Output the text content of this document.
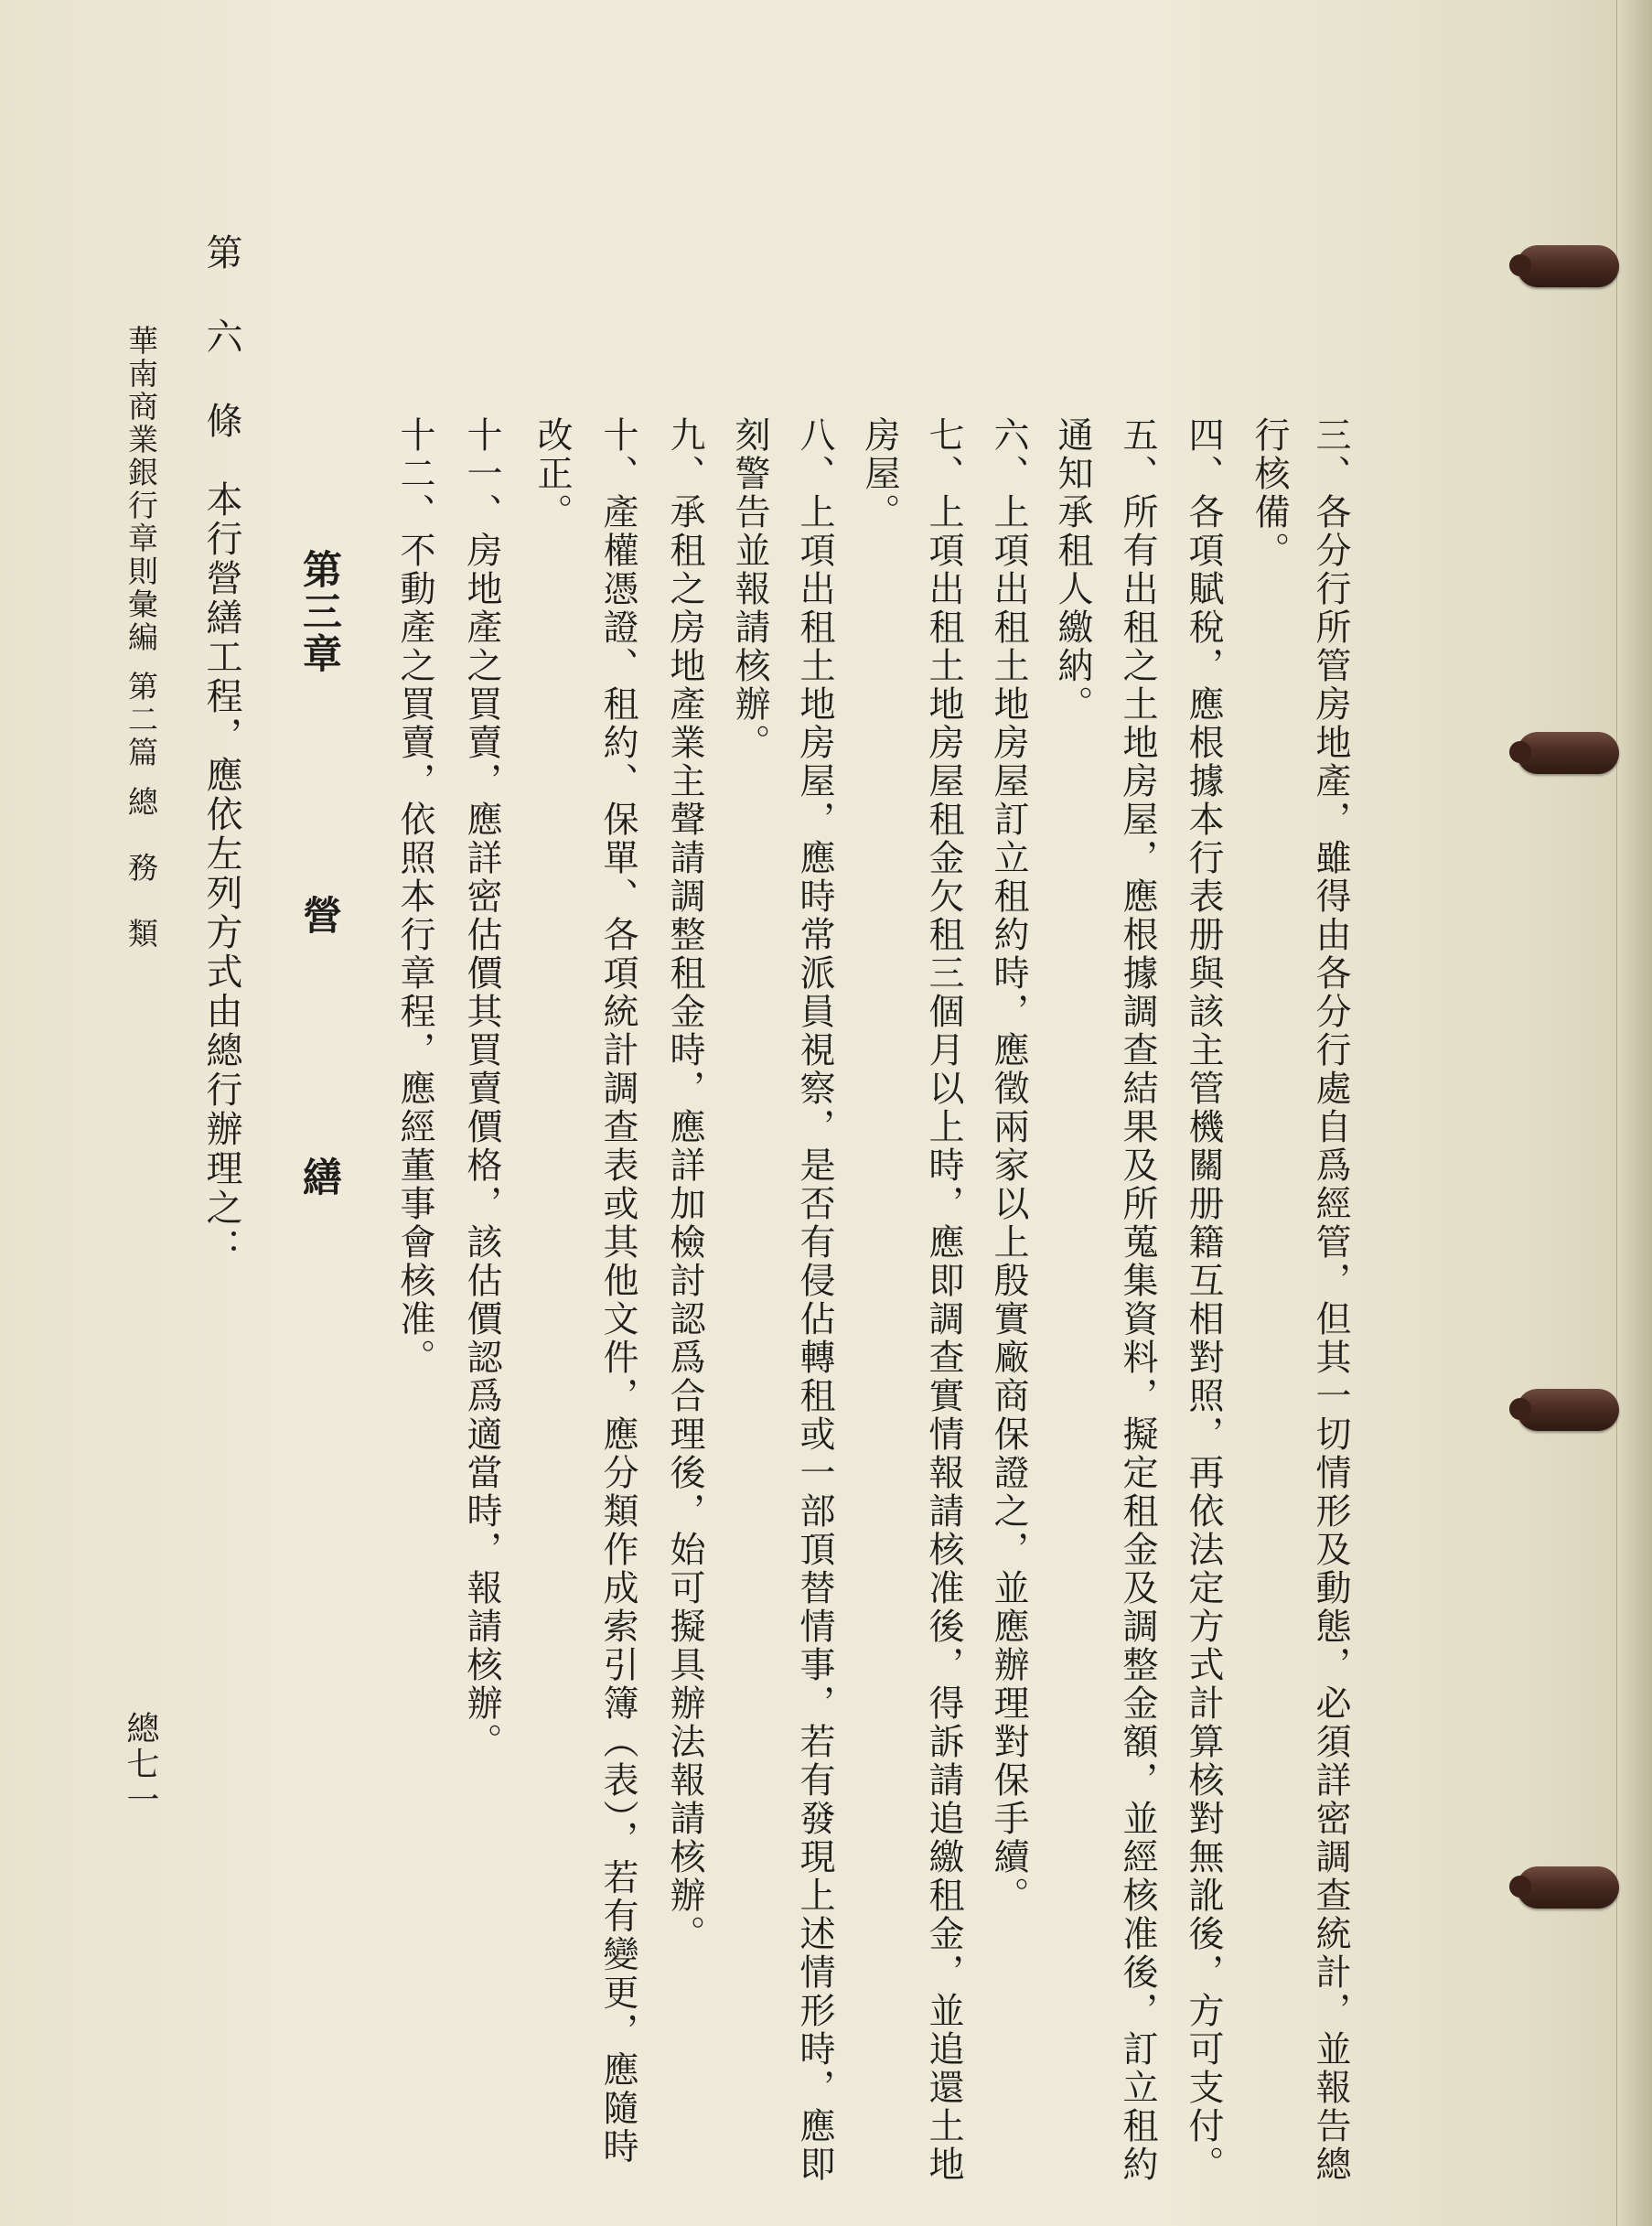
三、各分行所管房地產，雖得由各分行處自爲經管，但其一切情形及動態，必須詳密調查統計，並報告總
行核備。
四、各項賦稅，應根據本行表册與該主管機關册籍互相對照，再依法定方式計算核對無訛後，方可支付。
五、所有出租之土地房屋，應根據調查結果及所蒐集資料，擬定租金及調整金額，並經核准後，訂立租約
通知承租人繳納。
六、上項出租土地房屋訂立租約時，應徵兩家以上殷實廠商保證之，並應辦理對保手續。
七、上項出租土地房屋租金欠租三個月以上時，應即調查實情報請核准後，得訴請追繳租金，並追還土地
房屋。
八、上項出租土地房屋，應時常派員視察，是否有侵佔轉租或一部頂替情事，若有發現上述情形時，應即
刻警告並報請核辦。
九、承租之房地產業主聲請調整租金時，應詳加檢討認爲合理後，始可擬具辦法報請核辦。
十、產權憑證、租約、保單、各項統計調查表或其他文件，應分類作成索引簿（表），若有變更，應隨時
改正。
十一、房地產之買賣，應詳密估價其買賣價格，該估價認爲適當時，報請核辦。
十二、不動產之買賣，依照本行章程，應經董事會核准。
第三章營繕
第 六 條　本行營繕工程，應依左列方式由總行辦理之：
華南商業銀行章則彙編第二篇總　務　類
總七一
